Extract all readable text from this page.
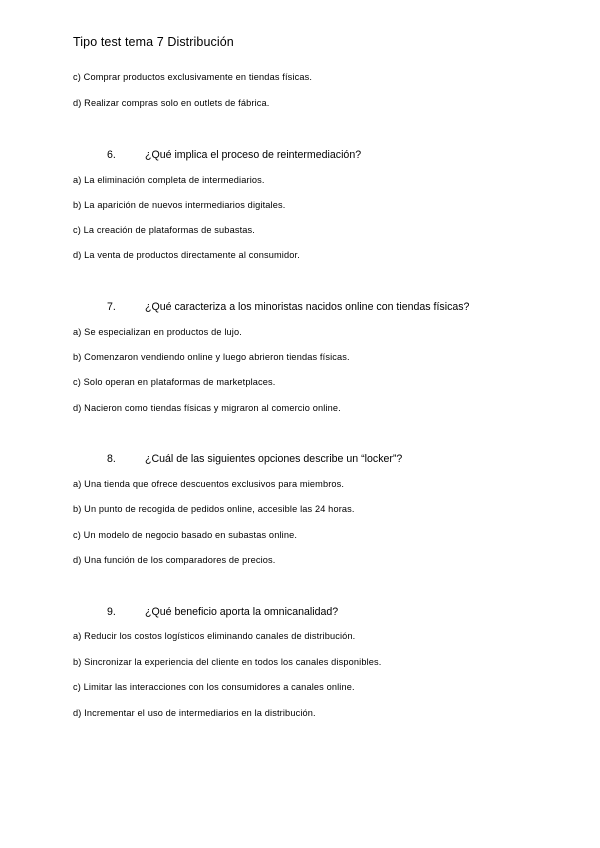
Tipo test tema 7 Distribución
c) Comprar productos exclusivamente en tiendas físicas.
d) Realizar compras solo en outlets de fábrica.
6.	¿Qué implica el proceso de reintermediación?
a) La eliminación completa de intermediarios.
b) La aparición de nuevos intermediarios digitales.
c) La creación de plataformas de subastas.
d) La venta de productos directamente al consumidor.
7.	¿Qué caracteriza a los minoristas nacidos online con tiendas físicas?
a) Se especializan en productos de lujo.
b) Comenzaron vendiendo online y luego abrieron tiendas físicas.
c) Solo operan en plataformas de marketplaces.
d) Nacieron como tiendas físicas y migraron al comercio online.
8.	¿Cuál de las siguientes opciones describe un “locker”?
a) Una tienda que ofrece descuentos exclusivos para miembros.
b) Un punto de recogida de pedidos online, accesible las 24 horas.
c) Un modelo de negocio basado en subastas online.
d) Una función de los comparadores de precios.
9.	¿Qué beneficio aporta la omnicanalidad?
a) Reducir los costos logísticos eliminando canales de distribución.
b) Sincronizar la experiencia del cliente en todos los canales disponibles.
c) Limitar las interacciones con los consumidores a canales online.
d) Incrementar el uso de intermediarios en la distribución.
